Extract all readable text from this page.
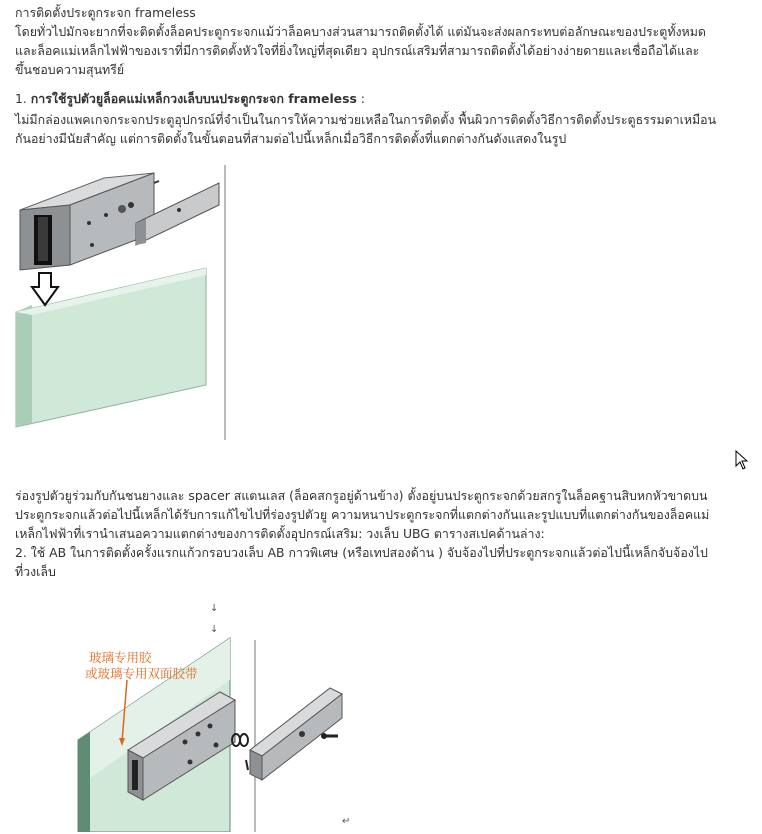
การติดตั้งประตูกระจก frameless
โดยทั่วไปมักจะยากที่จะติดตั้งล็อคประตูกระจกแม้ว่าล็อคบางส่วนสามารถติดตั้งได้ แต่มันจะส่งผลกระทบต่อลักษณะของประตูทั้งหมด
และล็อคแม่เหล็กไฟฟ้าของเราที่มีการติดตั้งหัวใจที่ยิ่งใหญ่ที่สุดเดียว อุปกรณ์เสริมที่สามารถติดตั้งได้อย่างง่ายดายและเชื่อถือได้และ
ขึ้นชอบความสุนทรีย์
1. การใช้รูปตัวยูล็อคแม่เหล็กวงเล็บบนประตูกระจก frameless :
ไม่มีกล่องแพคเกจกระจกประตูอุปกรณ์ที่จำเป็นในการให้ความช่วยเหลือในการติดตั้ง พื้นผิวการติดตั้งวิธีการติดตั้งประตูธรรมดาเหมือน
กันอย่างมีนัยสำคัญ แต่การติดตั้งในขั้นตอนที่สามต่อไปนี้เหล็กเมื่อวิธีการติดตั้งที่แตกต่างกันดังแสดงในรูป
ร่องรูปตัวยูร่วมกับกันชนยางและ spacer สแตนเลส (ล็อคสกรูอยู่ด้านข้าง) ตั้งอยู่บนประตูกระจกด้วยสกรูในล็อคฐานสิบหกหัวขาดบน
ประตูกระจกแล้วต่อไปนี้เหล็กได้รับการแก้ไขไปที่ร่องรูปตัวยู ความหนาประตูกระจกที่แตกต่างกันและรูปแบบที่แตกต่างกันของล็อคแม่
เหล็กไฟฟ้าที่เรานำเสนอความแตกต่างของการติดตั้งอุปกรณ์เสริม: วงเล็บ UBG ตารางสเปคด้านล่าง:
2. ใช้ AB ในการติดตั้งครั้งแรกแก้วกรอบวงเล็บ AB กาวพิเศษ (หรือเทปสองด้าน ) จับจ้องไปที่ประตูกระจกแล้วต่อไปนี้เหล็กจับจ้องไป
ที่วงเล็บ
↓
↓
↵
玻璃专用胶
或玻璃专用双面胶带
